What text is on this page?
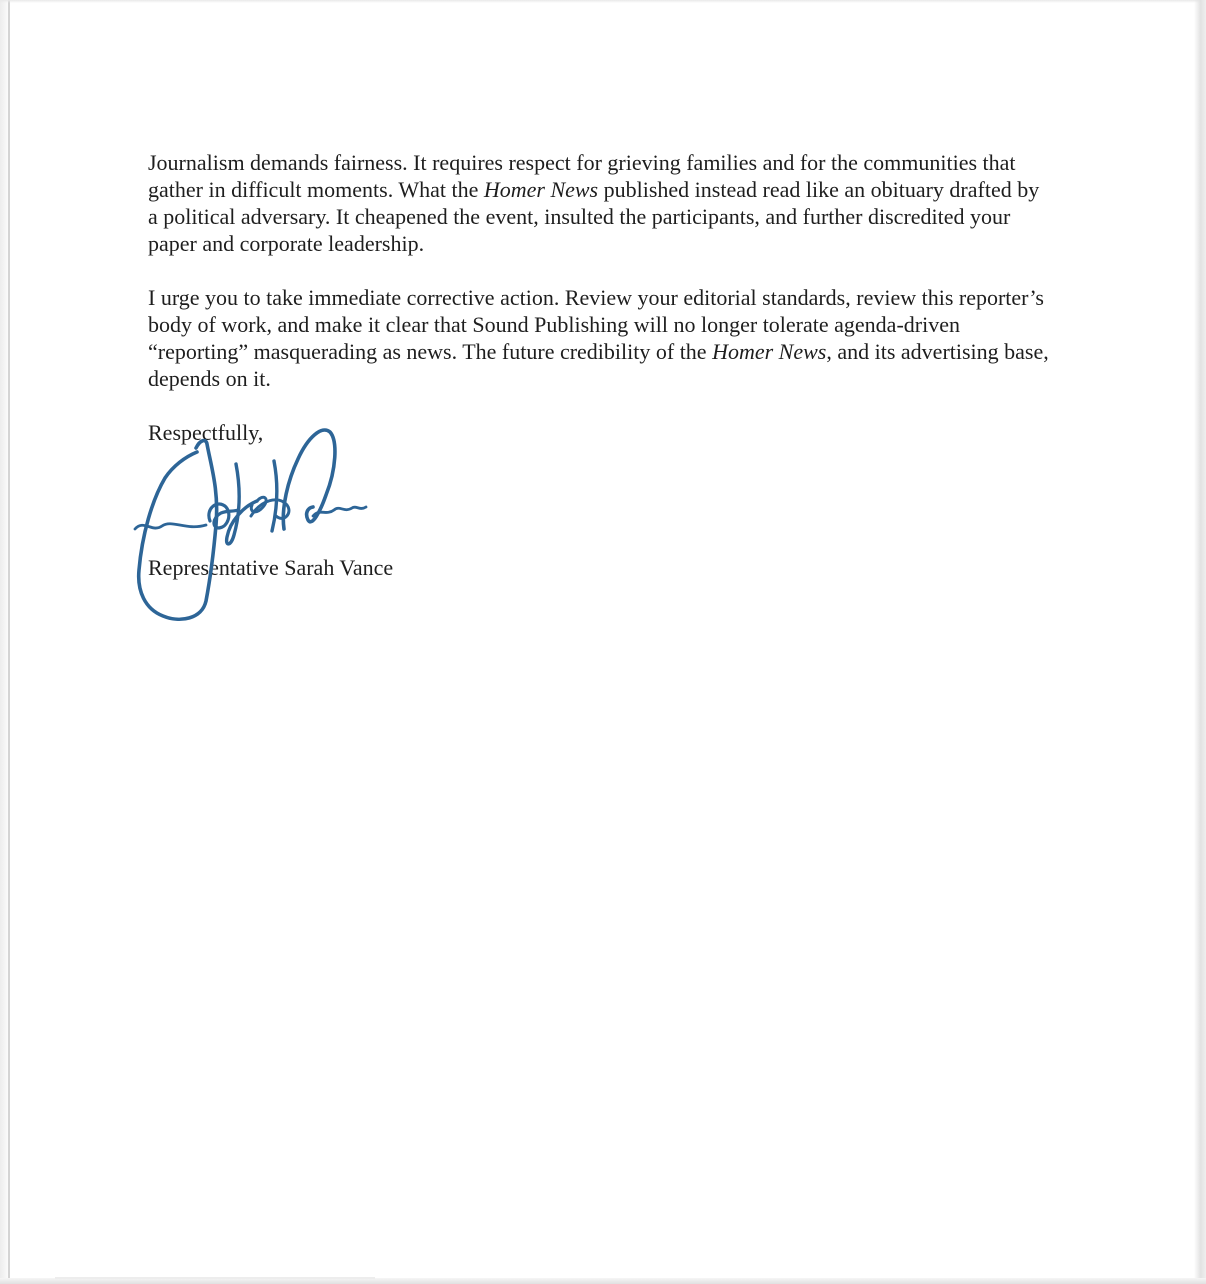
Journalism demands fairness. It requires respect for grieving families and for the communities that gather in difficult moments. What the Homer News published instead read like an obituary drafted by a political adversary. It cheapened the event, insulted the participants, and further discredited your paper and corporate leadership.

I urge you to take immediate corrective action. Review your editorial standards, review this reporter’s body of work, and make it clear that Sound Publishing will no longer tolerate agenda-driven “reporting” masquerading as news. The future credibility of the Homer News, and its advertising base, depends on it.

Respectfully,

Representative Sarah Vance
